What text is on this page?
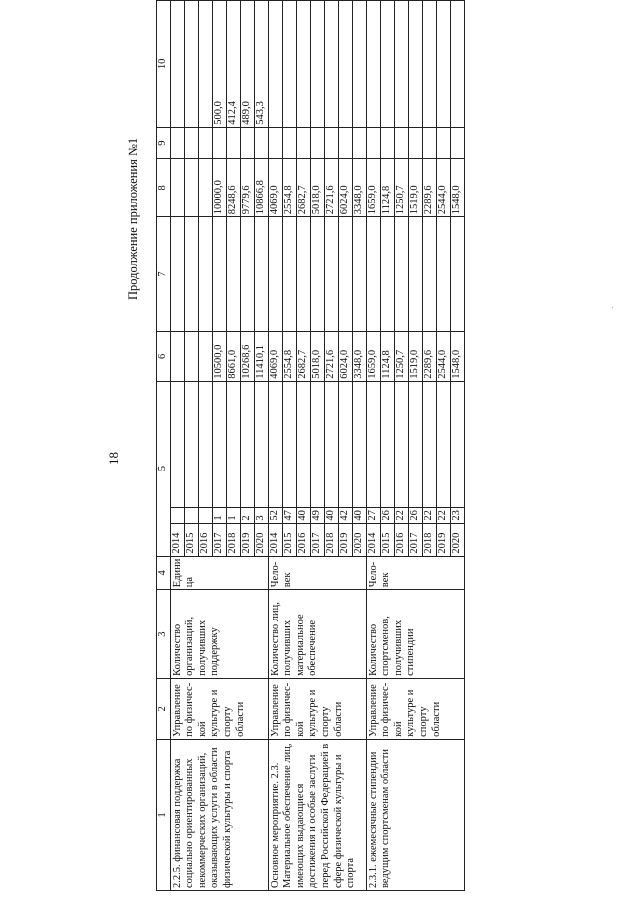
18
Продолжение приложения №1
1	2	3	4	5			6	7	8	9	10
2.2.5. финансовая поддержка социально ориентированных некоммерческих организаций, оказывающих услуги в области физической культуры и спорта	Управление по физичес-кой культуре и спорту области	Количество организаций, получивших поддержку	Едини ца	2014							
				2015							
				2016							
				2017	1		10500,0		10000,0		500,0
				2018	1		8661,0		8248,6		412,4
				2019	2		10268,6		9779,6		489,0
				2020	3		11410,1		10866,8		543,3
Основное мероприятие. 2.3. Материальное обеспечение лиц, имеющих выдающиеся достижения и особые заслуги перед Российской Федерацией в сфере физической культуры и спорта	Управление по физичес-кой культуре и спорту области	Количество лиц, получивших материальное обеспечение	Чело-век	2014	52		4069,0		4069,0		
				2015	47		2554,8		2554,8		
				2016	40		2682,7		2682,7		
				2017	49		5018,0		5018,0		
				2018	40		2721,6		2721,6		
				2019	42		6024,0		6024,0		
				2020	40		3348,0		3348,0		
2.3.1. ежемесячные стипендии ведущим спортсменам области	Управление по физичес-кой культуре и спорту области	Количество спортсменов, получивших стипендии	Чело-век	2014	27		1659,0		1659,0		
				2015	26		1124,8		1124,8		
				2016	22		1250,7		1250,7		
				2017	26		1519,0		1519,0		
				2018	22		2289,6		2289,6		
				2019	22		2544,0		2544,0		
				2020	23		1548,0		1548,0		
